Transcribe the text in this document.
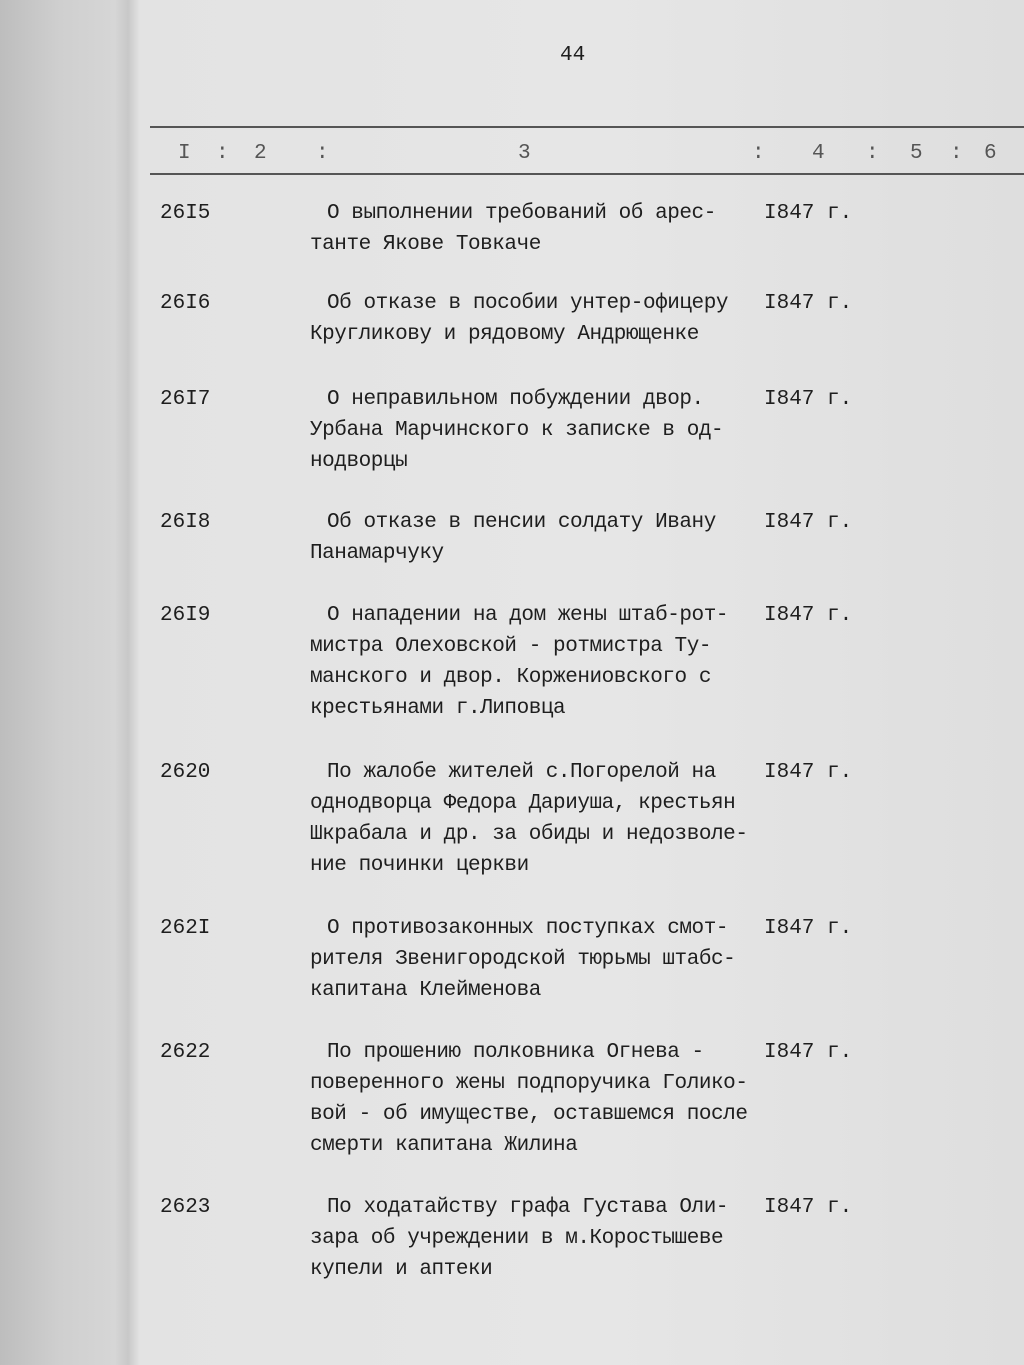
44
I : 2 :	3	: 4 : 5 : 6
26I5	О выполнении требований об арес-
танте Якове Товкаче
I847 г.
26I6	Об отказе в пособии унтер-офицеру
Кругликову и рядовому Андрющенке
I847 г.
26I7	О неправильном побуждении двор.
Урбана Марчинского к записке в од-
нодворцы
I847 г.
26I8	Об отказе в пенсии солдату Ивану
Панамарчуку
I847 г.
26I9	О нападении на дом жены штаб-рот-
мистра Олеховской - ротмистра Ту-
манского и двор. Коржениовского с
крестьянами г.Липовца
I847 г.
2620	По жалобе жителей с.Погорелой на
однодворца Федора Дариуша, крестьян
Шкрабала и др. за обиды и недозволе-
ние починки церкви
I847 г.
262I	О противозаконных поступках смот-
рителя Звенигородской тюрьмы штабс-
капитана Клейменова
I847 г.
2622	По прошению полковника Огнева -
поверенного жены подпоручика Голико-
вой - об имуществе, оставшемся после
смерти капитана Жилина
I847 г.
2623	По ходатайству графа Густава Оли-
зара об учреждении в м.Коростышеве
купели и аптеки
I847 г.
